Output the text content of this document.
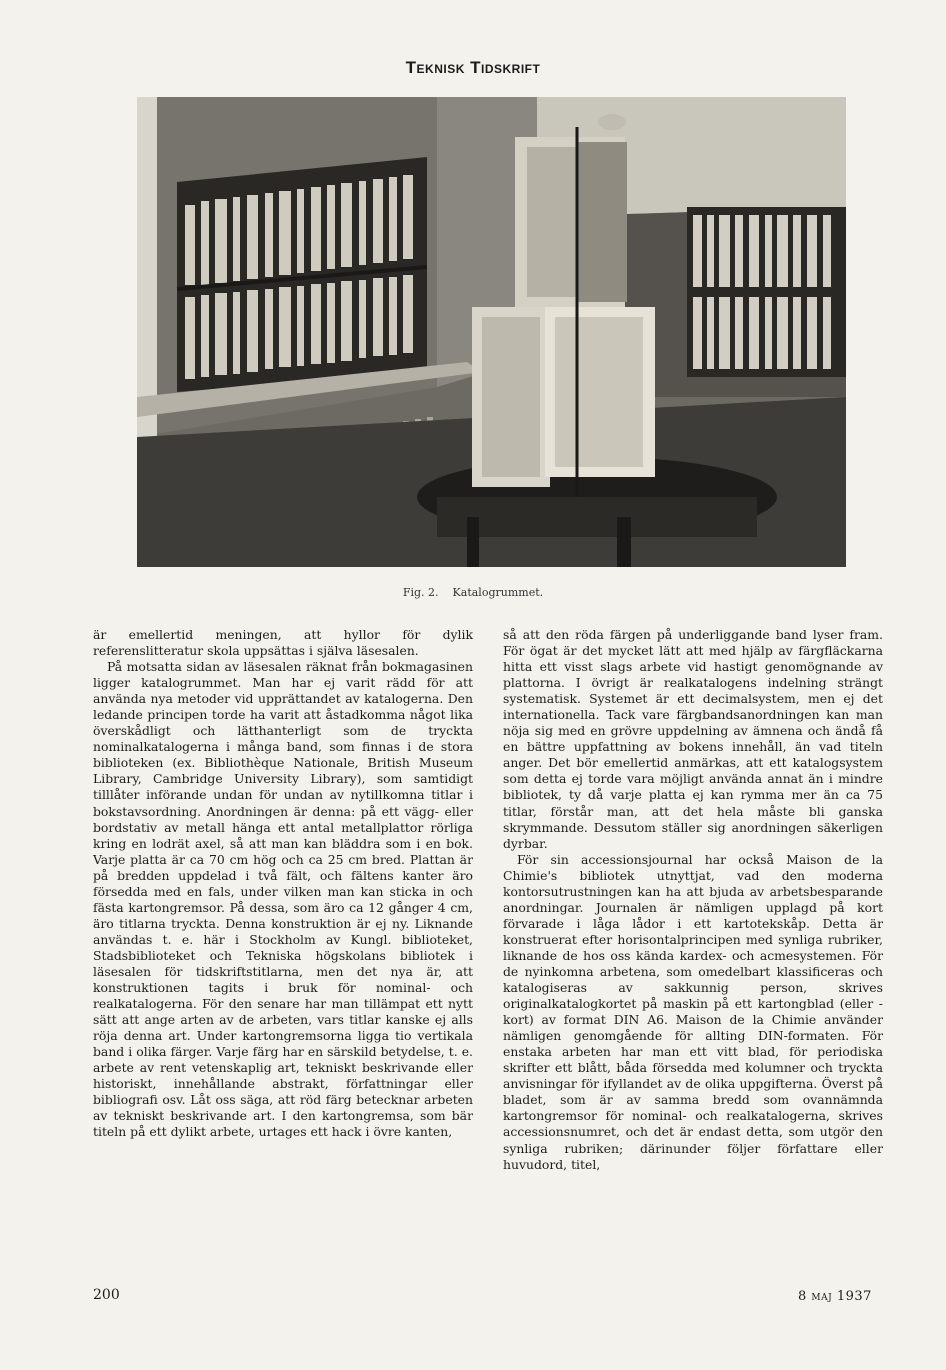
Teknisk Tidskrift
Fig. 2. Katalogrummet.

är emellertid meningen, att hyllor för dylik referenslitteratur skola uppsättas i själva läsesalen.

På motsatta sidan av läsesalen räknat från bokmagasinen ligger katalogrummet. Man har ej varit rädd för att använda nya metoder vid upprättandet av katalogerna. Den ledande principen torde ha varit att åstadkomma något lika överskådligt och lätthanterligt som de tryckta nominalkatalogerna i många band, som finnas i de stora biblioteken (ex. Bibliothèque Nationale, British Museum Library, Cambridge University Library), som samtidigt tilllåter införande undan för undan av nytillkomna titlar i bokstavsordning. Anordningen är denna: på ett vägg- eller bordstativ av metall hänga ett antal metallplattor rörliga kring en lodrät axel, så att man kan bläddra som i en bok. Varje platta är ca 70 cm hög och ca 25 cm bred. Plattan är på bredden uppdelad i två fält, och fältens kanter äro försedda med en fals, under vilken man kan sticka in och fästa kartongremsor. På dessa, som äro ca 12 gånger 4 cm, äro titlarna tryckta. Denna konstruktion är ej ny. Liknande användas t. e. här i Stockholm av Kungl. biblioteket, Stadsbiblioteket och Tekniska högskolans bibliotek i läsesalen för tidskriftstitlarna, men det nya är, att konstruktionen tagits i bruk för nominal- och realkatalogerna. För den senare har man tillämpat ett nytt sätt att ange arten av de arbeten, vars titlar kanske ej alls röja denna art. Under kartongremsorna ligga tio vertikala band i olika färger. Varje färg har en särskild betydelse, t. e. arbete av rent vetenskaplig art, tekniskt beskrivande eller historiskt, innehållande abstrakt, författningar eller bibliografi osv. Låt oss säga, att röd färg betecknar arbeten av tekniskt beskrivande art. I den kartongremsa, som bär titeln på ett dylikt arbete, urtages ett hack i övre kanten,

så att den röda färgen på underliggande band lyser fram. För ögat är det mycket lätt att med hjälp av färgfläckarna hitta ett visst slags arbete vid hastigt genomögnande av plattorna. I övrigt är realkatalogens indelning strängt systematisk. Systemet är ett decimalsystem, men ej det internationella. Tack vare färgbandsanordningen kan man nöja sig med en grövre uppdelning av ämnena och ändå få en bättre uppfattning av bokens innehåll, än vad titeln anger. Det bör emellertid anmärkas, att ett katalogsystem som detta ej torde vara möjligt använda annat än i mindre bibliotek, ty då varje platta ej kan rymma mer än ca 75 titlar, förstår man, att det hela måste bli ganska skrymmande. Dessutom ställer sig anordningen säkerligen dyrbar.

För sin accessionsjournal har också Maison de la Chimie's bibliotek utnyttjat, vad den moderna kontorsutrustningen kan ha att bjuda av arbetsbesparande anordningar. Journalen är nämligen upplagd på kort förvarade i låga lådor i ett kartotekskåp. Detta är konstruerat efter horisontalprincipen med synliga rubriker, liknande de hos oss kända kardex- och acmesystemen. För de nyinkomna arbetena, som omedelbart klassificeras och katalogiseras av sakkunnig person, skrives originalkatalogkortet på maskin på ett kartongblad (eller -kort) av format DIN A6. Maison de la Chimie använder nämligen genomgående för allting DIN-formaten. För enstaka arbeten har man ett vitt blad, för periodiska skrifter ett blått, båda försedda med kolumner och tryckta anvisningar för ifyllandet av de olika uppgifterna. Överst på bladet, som är av samma bredd som ovannämnda kartongremsor för nominal- och realkatalogerna, skrives accessionsnumret, och det är endast detta, som utgör den synliga rubriken; därinunder följer författare eller huvudord, titel,

200	8 maj 1937
